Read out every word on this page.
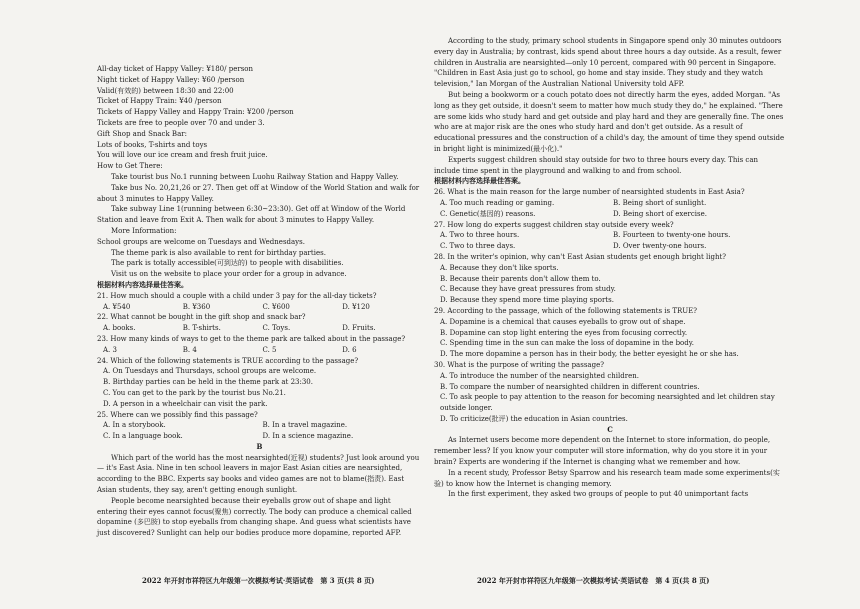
All-day ticket of Happy Valley: ¥180/ person

Night ticket of Happy Valley: ¥60 /person

Valid(有效的) between 18:30 and 22:00

Ticket of Happy Train: ¥40 /person

Tickets of Happy Valley and Happy Train: ¥200 /person

Tickets are free to people over 70 and under 3.

Gift Shop and Snack Bar:

Lots of books, T-shirts and toys

You will love our ice cream and fresh fruit juice.

How to Get There:

Take tourist bus No.1 running between Luohu Railway Station and Happy Valley.

Take bus No. 20,21,26 or 27. Then get off at Window of the World Station and walk for about 3 minutes to Happy Valley.

Take subway Line 1(running between 6:30~23:30). Get off at Window of the World Station and leave from Exit A. Then walk for about 3 minutes to Happy Valley.

More Information:

School groups are welcome on Tuesdays and Wednesdays.

The theme park is also available to rent for birthday parties.

The park is totally accessible(可到达的) to people with disabilities.

Visit us on the website to place your order for a group in advance.

根据材料内容选择最佳答案。

21. How much should a couple with a child under 3 pay for the all-day tickets?

A. ¥540	B. ¥360	C. ¥600	D. ¥120

22. What cannot be bought in the gift shop and snack bar?

A. books.	B. T-shirts.	C. Toys.	D. Fruits.

23. How many kinds of ways to get to the theme park are talked about in the passage?

A. 3	B. 4	C. 5	D. 6

24. Which of the following statements is TRUE according to the passage?

A. On Tuesdays and Thursdays, school groups are welcome.

B. Birthday parties can be held in the theme park at 23:30.

C. You can get to the park by the tourist bus No.21.

D. A person in a wheelchair can visit the park.

25. Where can we possibly find this passage?

A. In a storybook.	B. In a travel magazine.
C. In a language book.	D. In a science magazine.

B

Which part of the world has the most nearsighted(近视) students? Just look around you — it's East Asia. Nine in ten school leavers in major East Asian cities are nearsighted, according to the BBC. Experts say books and video games are not to blame(指责). East Asian students, they say, aren't getting enough sunlight.

People become nearsighted because their eyeballs grow out of shape and light entering their eyes cannot focus(聚焦) correctly. The body can produce a chemical called dopamine (多巴胺) to stop eyeballs from changing shape. And guess what scientists have just discovered? Sunlight can help our bodies produce more dopamine, reported AFP.

2022 年开封市祥符区九年级第一次模拟考试·英语试卷　第 3 页(共 8 页)

According to the study, primary school students in Singapore spend only 30 minutes outdoors every day in Australia; by contrast, kids spend about three hours a day outside. As a result, fewer children in Australia are nearsighted—only 10 percent, compared with 90 percent in Singapore. "Children in East Asia just go to school, go home and stay inside. They study and they watch television," Ian Morgan of the Australian National University told AFP.

But being a bookworm or a couch potato does not directly harm the eyes, added Morgan. "As long as they get outside, it doesn't seem to matter how much study they do," he explained. "There are some kids who study hard and get outside and play hard and they are generally fine. The ones who are at major risk are the ones who study hard and don't get outside. As a result of educational pressures and the construction of a child's day, the amount of time they spend outside in bright light is minimized(最小化)."

Experts suggest children should stay outside for two to three hours every day. This can include time spent in the playground and walking to and from school.

根据材料内容选择最佳答案。

26. What is the main reason for the large number of nearsighted students in East Asia?

A. Too much reading or gaming.	B. Being short of sunlight.
C. Genetic(基因的) reasons.	D. Being short of exercise.

27. How long do experts suggest children stay outside every week?

A. Two to three hours.	B. Fourteen to twenty-one hours.
C. Two to three days.	D. Over twenty-one hours.

28. In the writer's opinion, why can't East Asian students get enough bright light?

A. Because they don't like sports.

B. Because their parents don't allow them to.

C. Because they have great pressures from study.

D. Because they spend more time playing sports.

29. According to the passage, which of the following statements is TRUE?

A. Dopamine is a chemical that causes eyeballs to grow out of shape.

B. Dopamine can stop light entering the eyes from focusing correctly.

C. Spending time in the sun can make the loss of dopamine in the body.

D. The more dopamine a person has in their body, the better eyesight he or she has.

30. What is the purpose of writing the passage?

A. To introduce the number of the nearsighted children.

B. To compare the number of nearsighted children in different countries.

C. To ask people to pay attention to the reason for becoming nearsighted and let children stay outside longer.

D. To criticize(批评) the education in Asian countries.

C

As Internet users become more dependent on the Internet to store information, do people, remember less? If you know your computer will store information, why do you store it in your brain? Experts are wondering if the Internet is changing what we remember and how.

In a recent study, Professor Betsy Sparrow and his research team made some experiments(实验) to know how the Internet is changing memory.

In the first experiment, they asked two groups of people to put 40 unimportant facts

2022 年开封市祥符区九年级第一次模拟考试·英语试卷　第 4 页(共 8 页)
